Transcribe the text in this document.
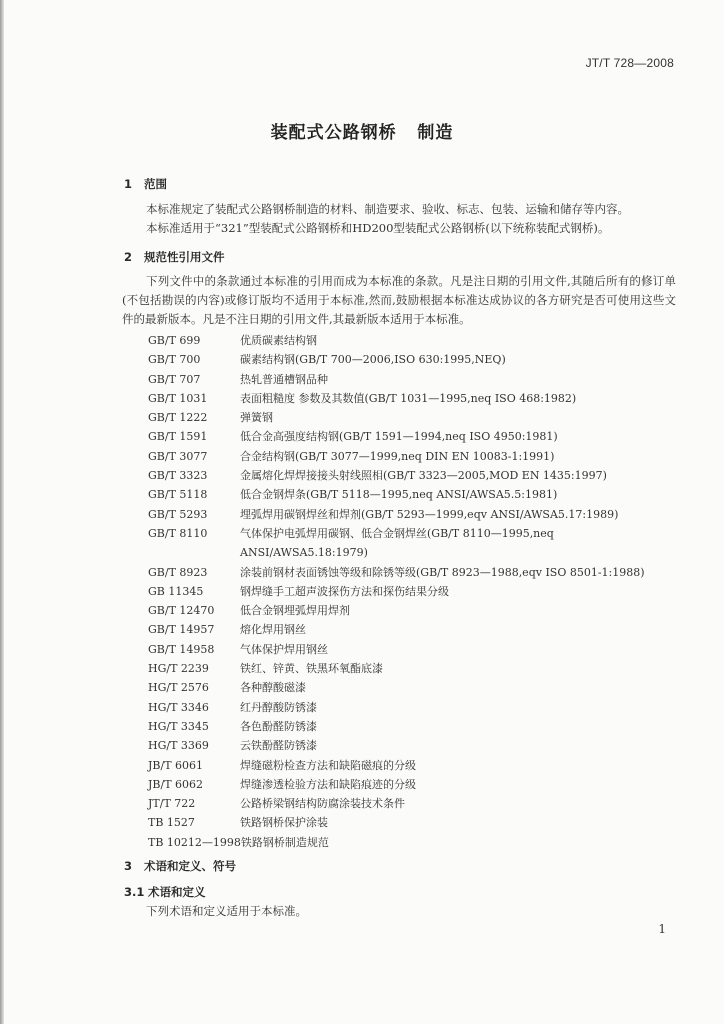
JT/T 728—2008
装配式公路钢桥   制造
1 范围

本标准规定了装配式公路钢桥制造的材料、制造要求、验收、标志、包装、运输和储存等内容。

本标准适用于“321”型装配式公路钢桥和HD200型装配式公路钢桥(以下统称装配式钢桥)。

2 规范性引用文件

下列文件中的条款通过本标准的引用而成为本标准的条款。凡是注日期的引用文件,其随后所有的修订单(不包括勘误的内容)或修订版均不适用于本标准,然而,鼓励根据本标准达成协议的各方研究是否可使用这些文件的最新版本。凡是不注日期的引用文件,其最新版本适用于本标准。

GB/T 699	优质碳素结构钢
GB/T 700	碳素结构钢(GB/T 700—2006,ISO 630:1995,NEQ)
GB/T 707	热轧普通槽钢品种
GB/T 1031	表面粗糙度 参数及其数值(GB/T 1031—1995,neq ISO 468:1982)
GB/T 1222	弹簧钢
GB/T 1591	低合金高强度结构钢(GB/T 1591—1994,neq ISO 4950:1981)
GB/T 3077	合金结构钢(GB/T 3077—1999,neq DIN EN 10083-1:1991)
GB/T 3323	金属熔化焊焊接接头射线照相(GB/T 3323—2005,MOD EN 1435:1997)
GB/T 5118	低合金钢焊条(GB/T 5118—1995,neq ANSI/AWSA5.5:1981)
GB/T 5293	埋弧焊用碳钢焊丝和焊剂(GB/T 5293—1999,eqv ANSI/AWSA5.17:1989)
GB/T 8110	气体保护电弧焊用碳钢、低合金钢焊丝(GB/T 8110—1995,neq ANSI/AWSA5.18:1979)
GB/T 8923	涂装前钢材表面锈蚀等级和除锈等级(GB/T 8923—1988,eqv ISO 8501-1:1988)
GB 11345	钢焊缝手工超声波探伤方法和探伤结果分级
GB/T 12470	低合金钢埋弧焊用焊剂
GB/T 14957	熔化焊用钢丝
GB/T 14958	气体保护焊用钢丝
HG/T 2239	铁红、锌黄、铁黑环氧酯底漆
HG/T 2576	各种醇酸磁漆
HG/T 3346	红丹醇酸防锈漆
HG/T 3345	各色酚醛防锈漆
HG/T 3369	云铁酚醛防锈漆
JB/T 6061	焊缝磁粉检查方法和缺陷磁痕的分级
JB/T 6062	焊缝渗透检验方法和缺陷痕迹的分级
JT/T 722	公路桥梁钢结构防腐涂装技术条件
TB 1527	铁路钢桥保护涂装
TB 10212—1998 铁路钢桥制造规范
3 术语和定义、符号
3.1 术语和定义

下列术语和定义适用于本标准。

1
